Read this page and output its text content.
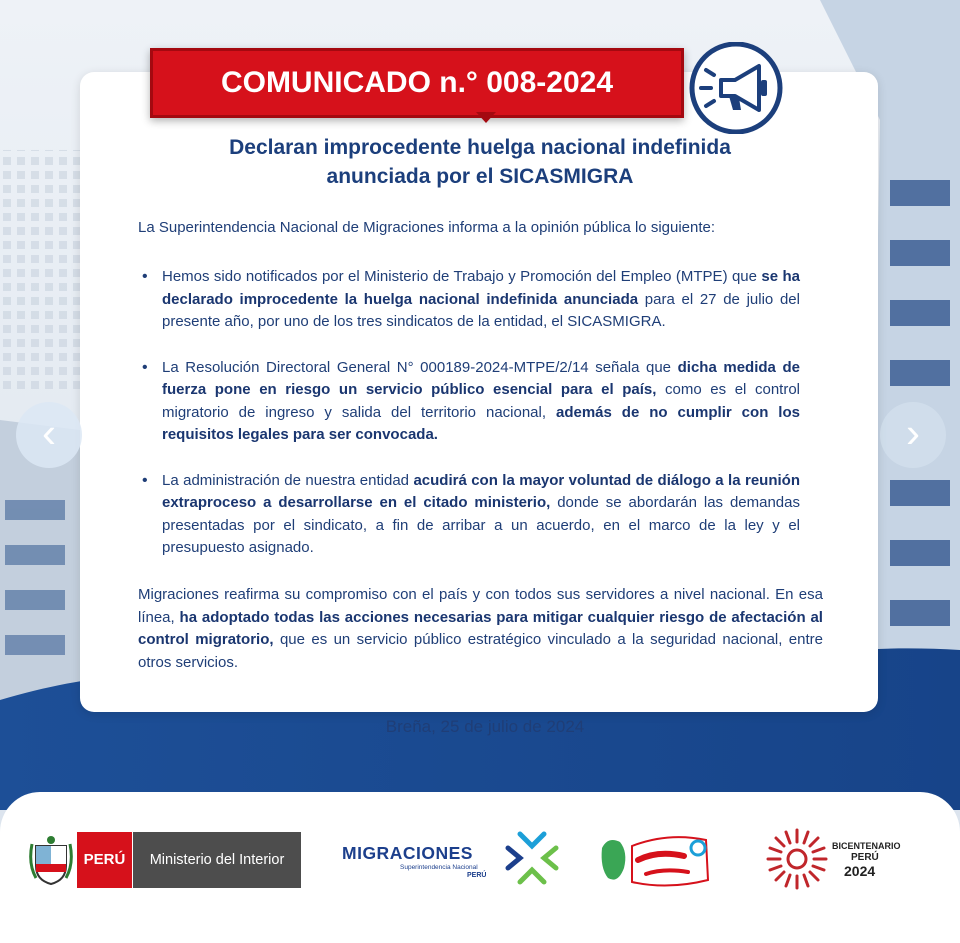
COMUNICADO n.° 008-2024
Declaran improcedente huelga nacional indefinida
anunciada por el SICASMIGRA
La Superintendencia Nacional de Migraciones informa a la opinión pública lo siguiente:
• Hemos sido notificados por el Ministerio de Trabajo y Promoción del Empleo (MTPE) que se ha declarado improcedente la huelga nacional indefinida anunciada para el 27 de julio del presente año, por uno de los tres sindicatos de la entidad, el SICASMIGRA.
• La Resolución Directoral General N° 000189-2024-MTPE/2/14 señala que dicha medida de fuerza pone en riesgo un servicio público esencial para el país, como es el control migratorio de ingreso y salida del territorio nacional, además de no cumplir con los requisitos legales para ser convocada.
• La administración de nuestra entidad acudirá con la mayor voluntad de diálogo a la reunión extraproceso a desarrollarse en el citado ministerio, donde se abordarán las demandas presentadas por el sindicato, a fin de arribar a un acuerdo, en el marco de la ley y el presupuesto asignado.
Migraciones reafirma su compromiso con el país y con todos sus servidores a nivel nacional. En esa línea, ha adoptado todas las acciones necesarias para mitigar cualquier riesgo de afectación al control migratorio, que es un servicio público estratégico vinculado a la seguridad nacional, entre otros servicios.
Breña, 25 de julio de 2024
‹	›
PERÚ	Ministerio del Interior	MIGRACIONES
Superintendencia Nacional
PERÚ
BICENTENARIO
PERÚ
2024
